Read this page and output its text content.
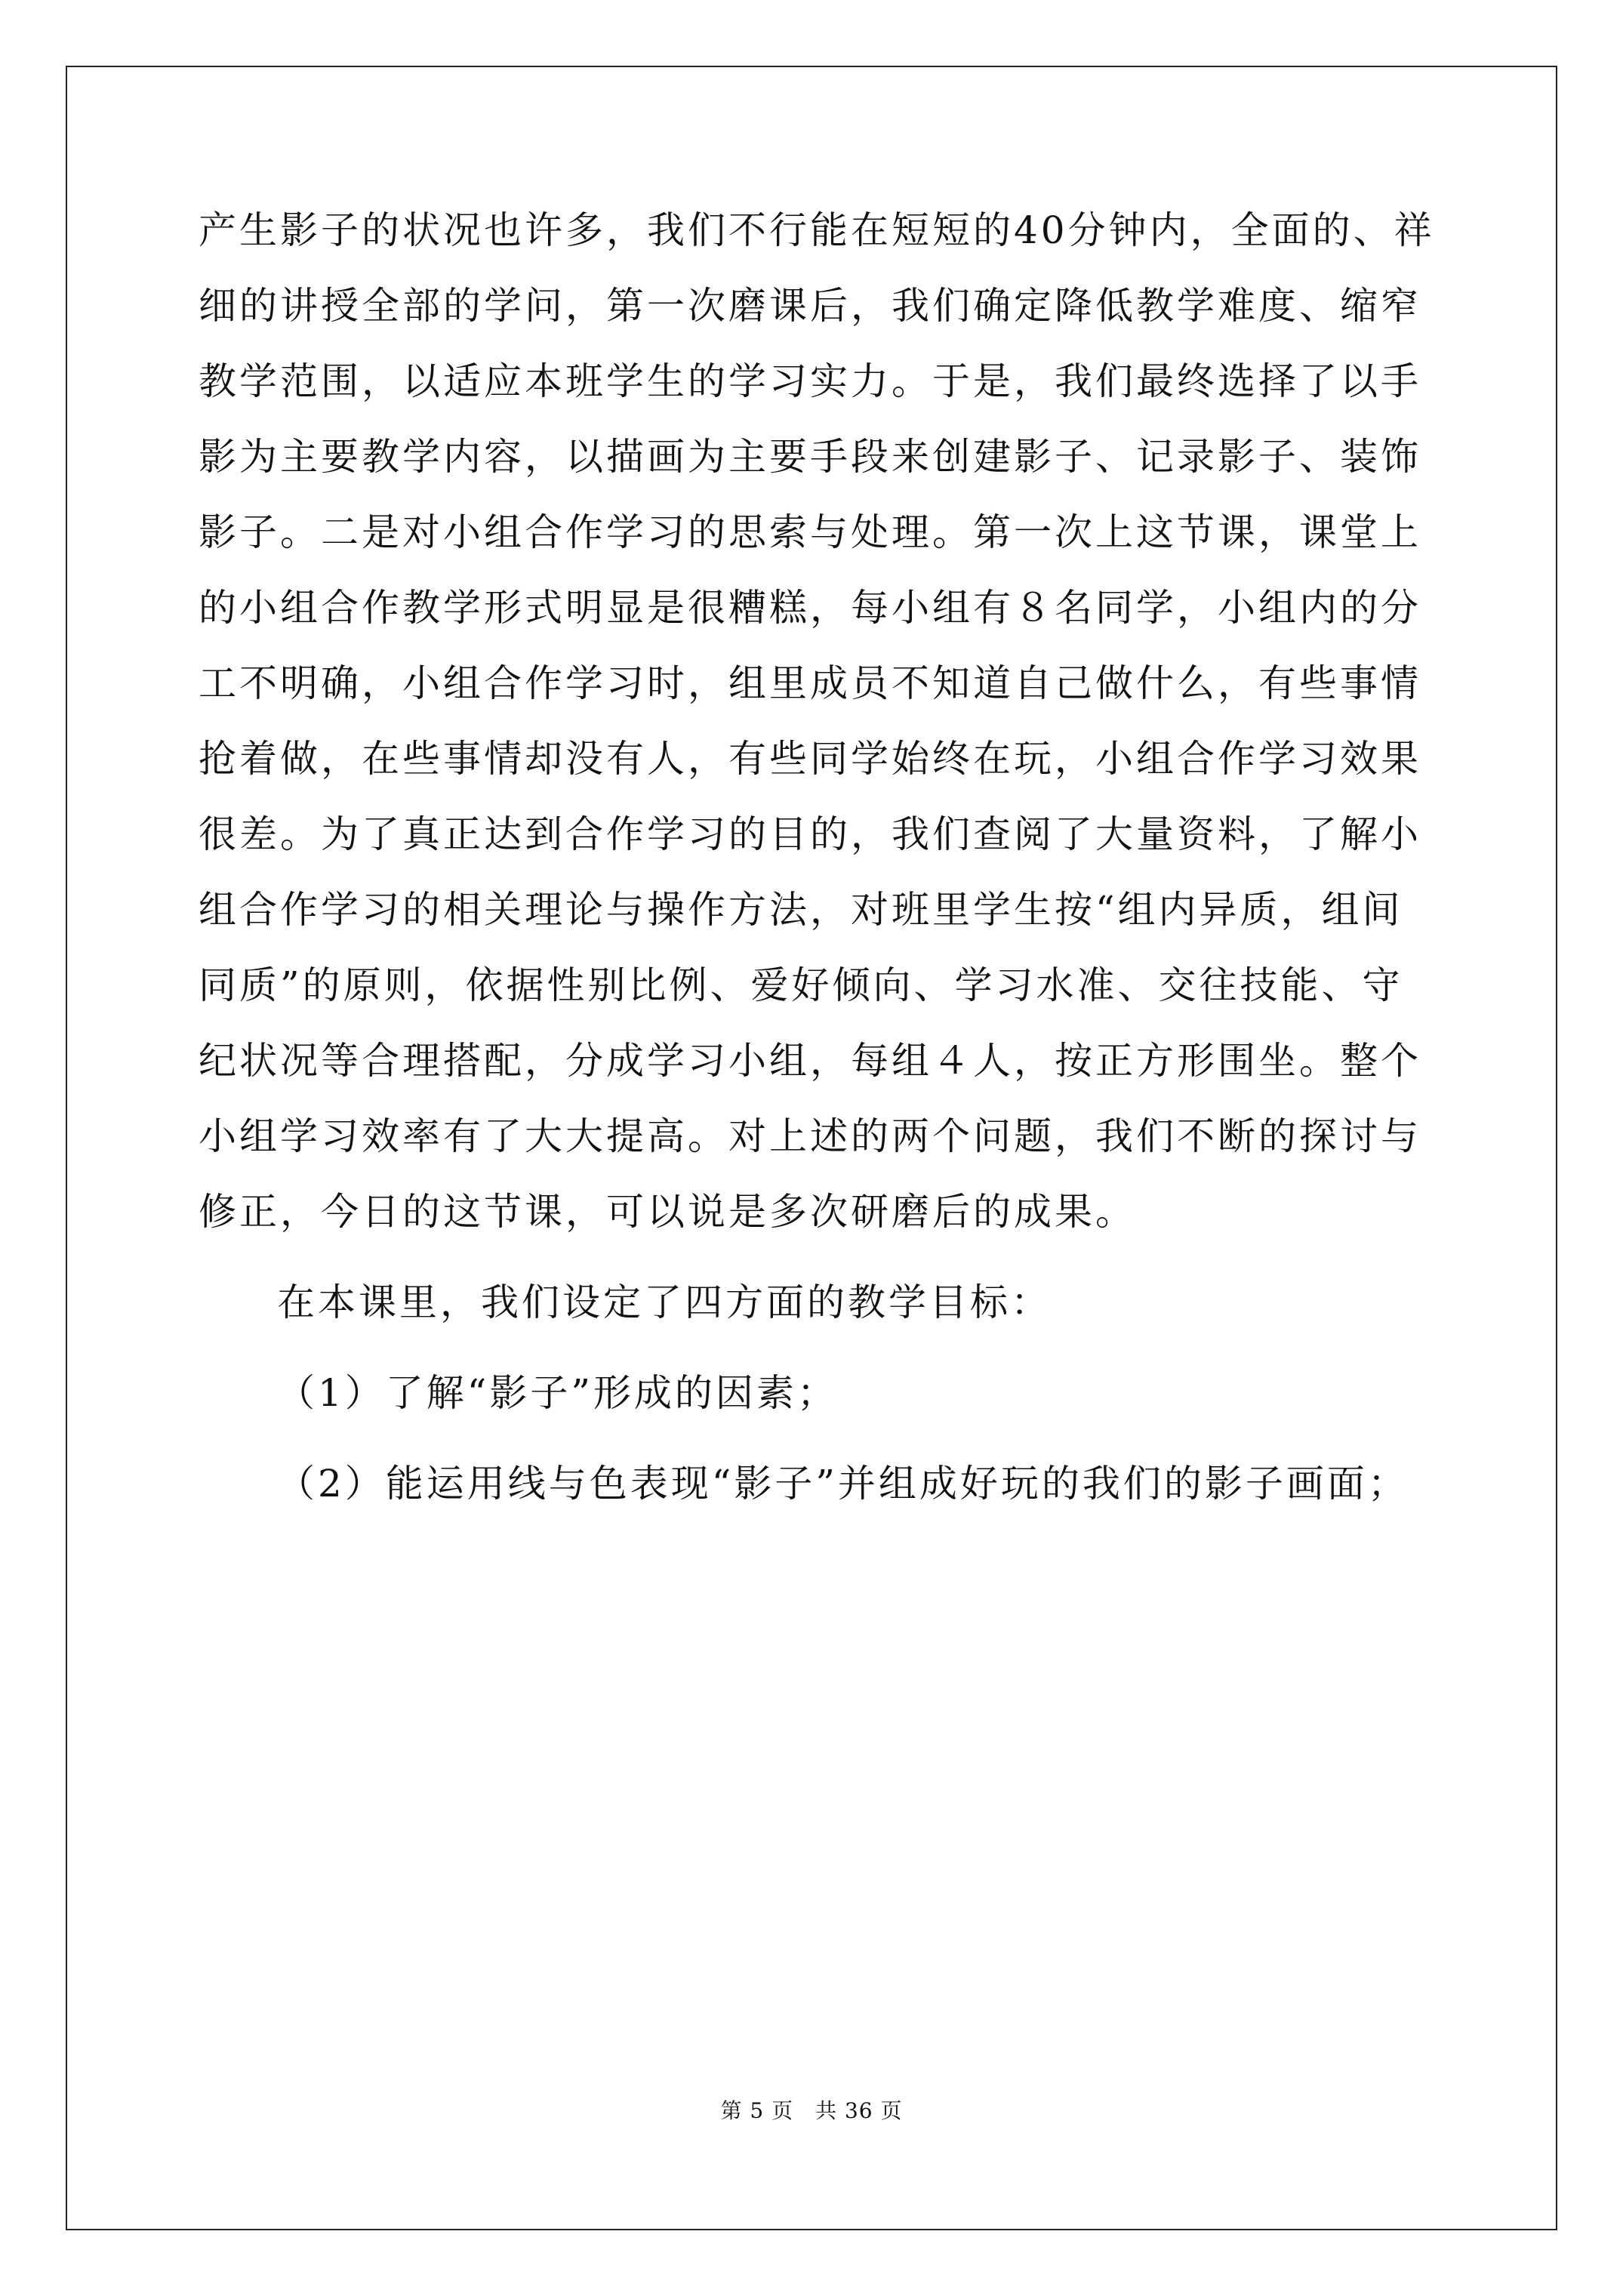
产生影子的状况也许多，我们不行能在短短的40分钟内，全面的、祥
细的讲授全部的学问，第一次磨课后，我们确定降低教学难度、缩窄
教学范围，以适应本班学生的学习实力。于是，我们最终选择了以手
影为主要教学内容，以描画为主要手段来创建影子、记录影子、装饰
影子。二是对小组合作学习的思索与处理。第一次上这节课，课堂上
的小组合作教学形式明显是很糟糕，每小组有８名同学，小组内的分
工不明确，小组合作学习时，组里成员不知道自己做什么，有些事情
抢着做，在些事情却没有人，有些同学始终在玩，小组合作学习效果
很差。为了真正达到合作学习的目的，我们查阅了大量资料，了解小
组合作学习的相关理论与操作方法，对班里学生按“组内异质，组间
同质”的原则，依据性别比例、爱好倾向、学习水准、交往技能、守
纪状况等合理搭配，分成学习小组，每组４人，按正方形围坐。整个
小组学习效率有了大大提高。对上述的两个问题，我们不断的探讨与
修正，今日的这节课，可以说是多次研磨后的成果。
在本课里，我们设定了四方面的教学目标：
（1）了解“影子”形成的因素；
（2）能运用线与色表现“影子”并组成好玩的我们的影子画面；
第 5 页　共 36 页
